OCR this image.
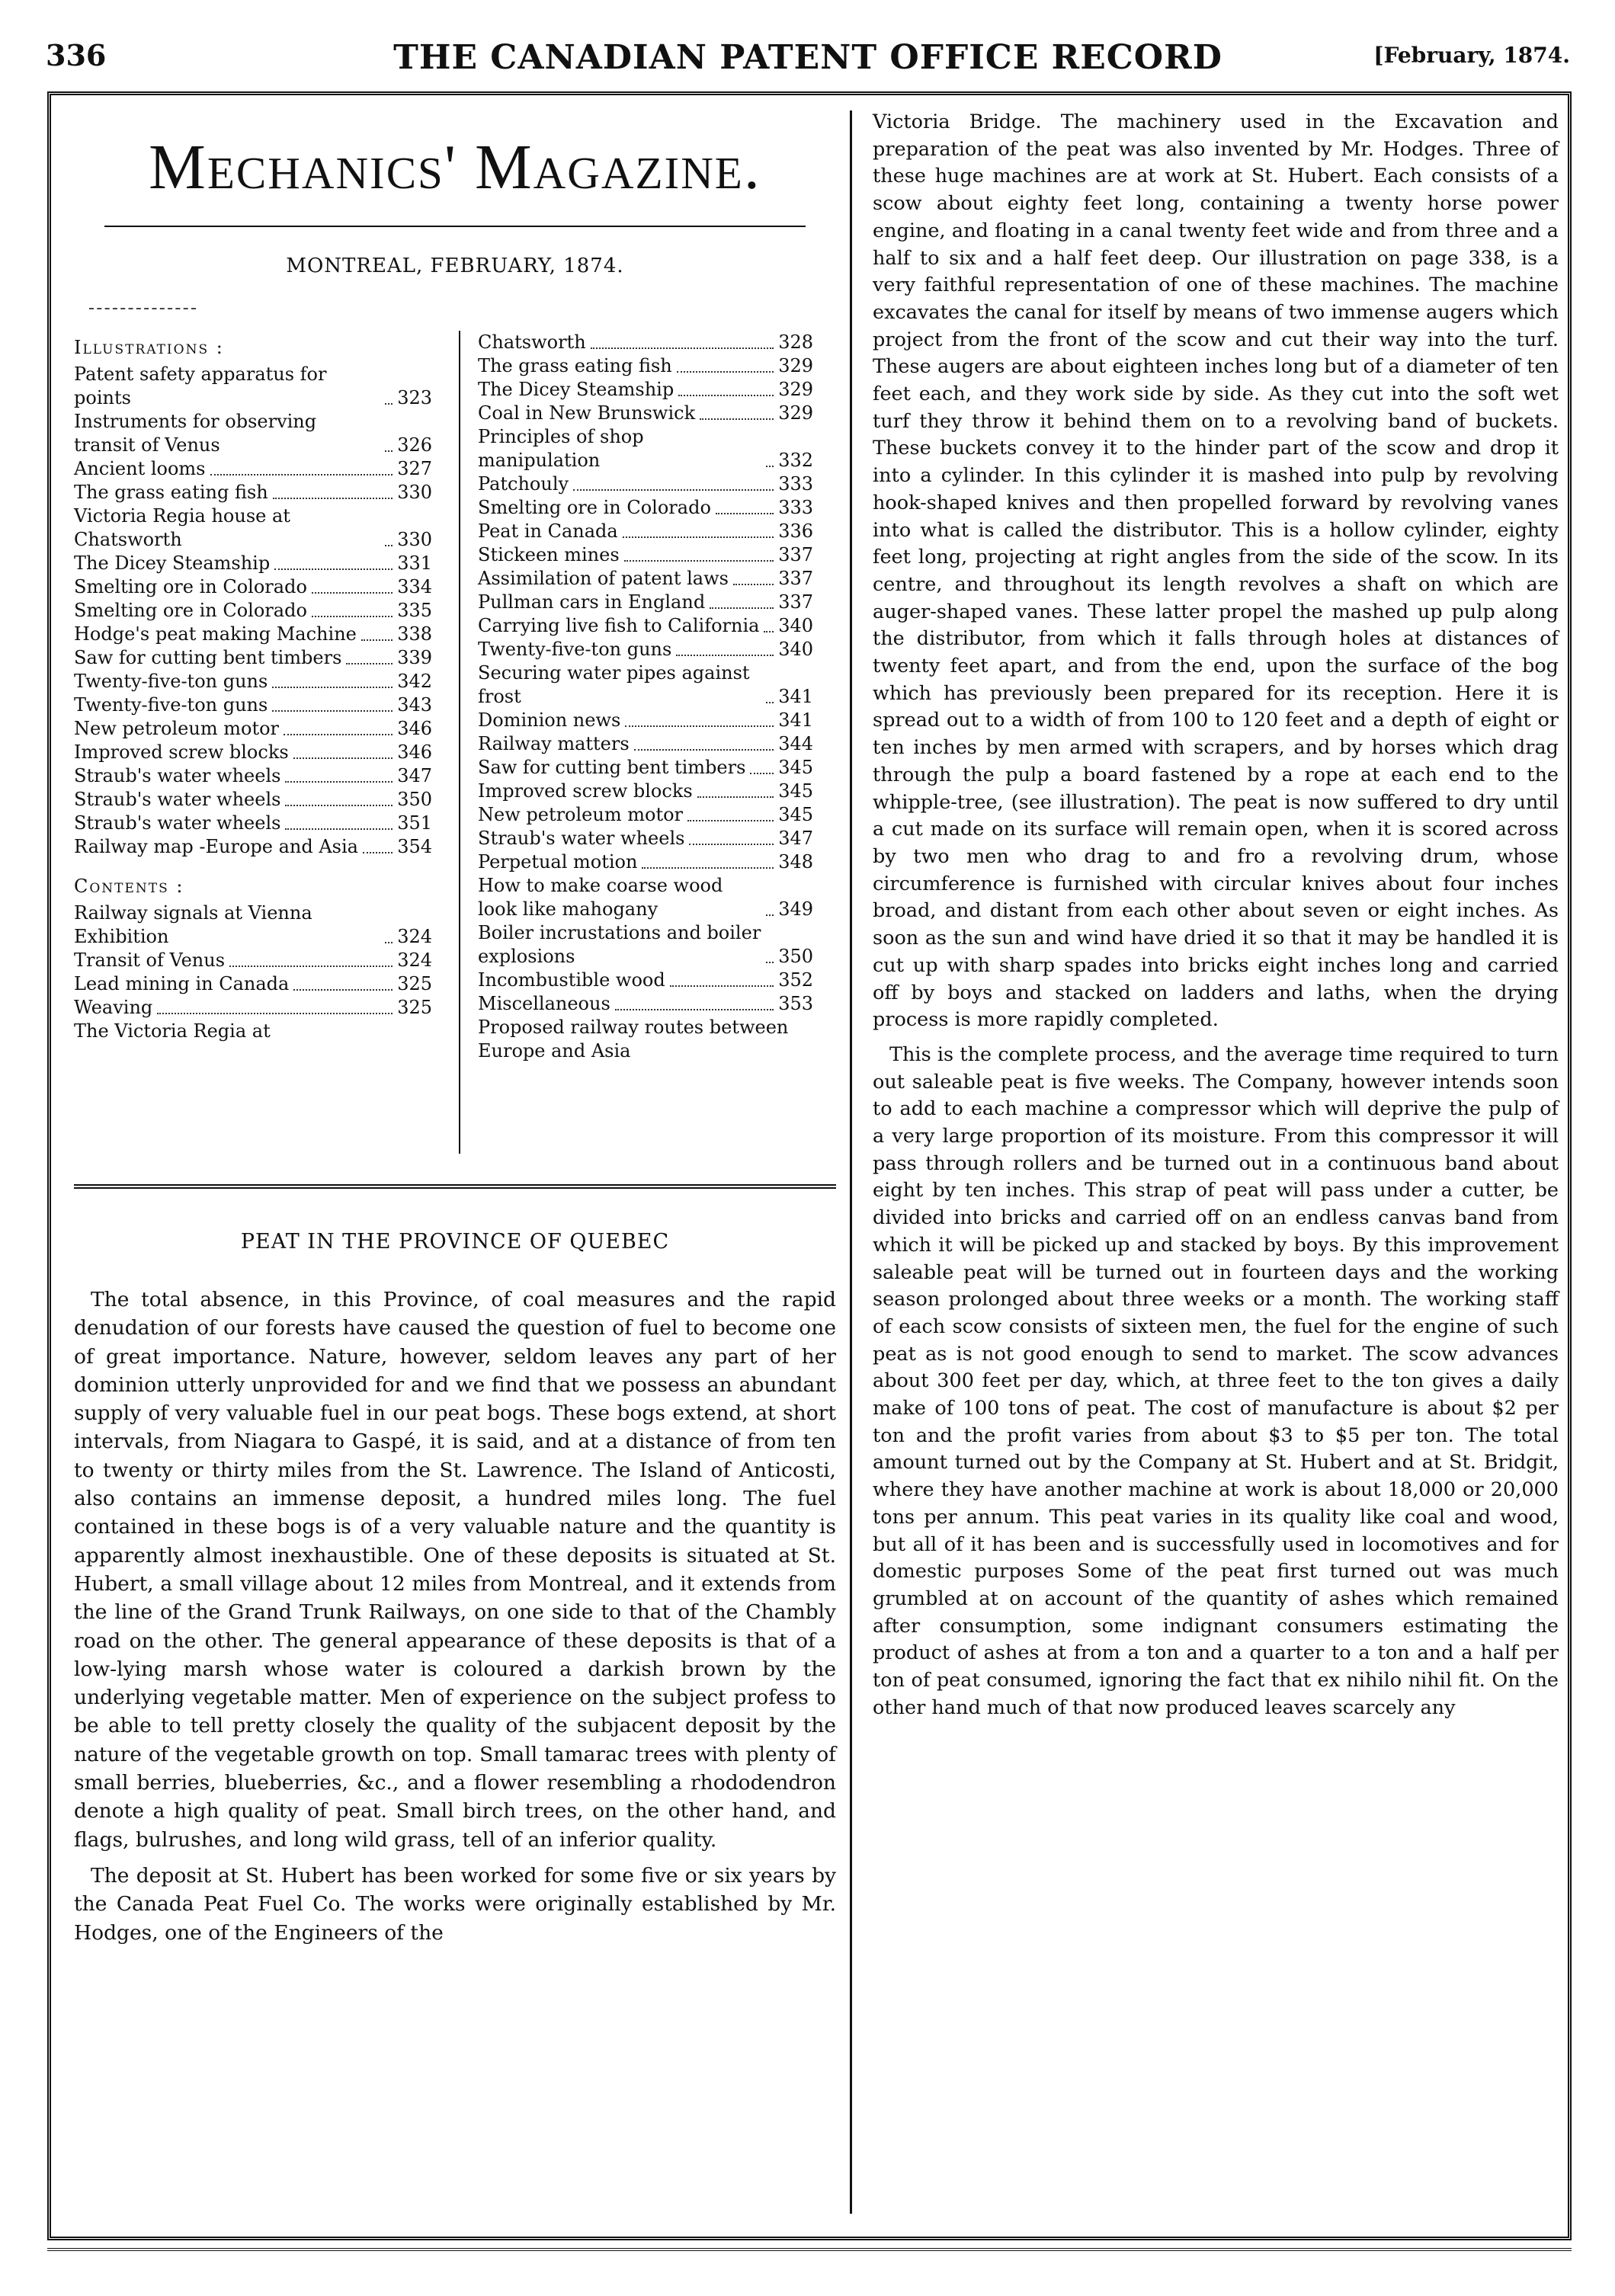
336	THE CANADIAN PATENT OFFICE RECORD	[February, 1874.
Mechanics' Magazine.
MONTREAL, FEBRUARY, 1874.
Illustrations :
Patent safety apparatus for points	323
Instruments for observing transit of Venus	326
Ancient looms	327
The grass eating fish	330
Victoria Regia house at Chatsworth	330
The Dicey Steamship	331
Smelting ore in Colorado	334
Smelting ore in Colorado	335
Hodge's peat making Machine 338
Saw for cutting bent timbers	339
Twenty-five-ton guns	342
Twenty-five-ton guns	343
New petroleum motor	346
Improved screw blocks	346
Straub's water wheels	347
Straub's water wheels	350
Straub's water wheels	351
Railway map -Europe and Asia 354
Contents :
Railway signals at Vienna Exhibition	324
Transit of Venus	324
Lead mining in Canada	325
Weaving	325
The Victoria Regia at
Chatsworth	328
The grass eating fish	329
The Dicey Steamship	329
Coal in New Brunswick	329
Principles of shop manipulation	332
Patchouly	333
Smelting ore in Colorado	333
Peat in Canada	336
Stickeen mines	337
Assimilation of patent laws	337
Pullman cars in England	337
Carrying live fish to California 340
Twenty-five-ton guns	340
Securing water pipes against frost	341
Dominion news	341
Railway matters	344
Saw for cutting bent timbers 345
Improved screw blocks	345
New petroleum motor	345
Straub's water wheels	347
Perpetual motion	348
How to make coarse wood look like mahogany	349
Boiler incrustations and boiler explosions	350
Incombustible wood	352
Miscellaneous	353
Proposed railway routes between Europe and Asia
PEAT IN THE PROVINCE OF QUEBEC

The total absence, in this Province, of coal measures and the rapid denudation of our forests have caused the question of fuel to become one of great importance. Nature, however, seldom leaves any part of her dominion utterly unprovided for and we find that we possess an abundant supply of very valuable fuel in our peat bogs. These bogs extend, at short intervals, from Niagara to Gaspé, it is said, and at a distance of from ten to twenty or thirty miles from the St. Lawrence. The Island of Anticosti, also contains an immense deposit, a hundred miles long. The fuel contained in these bogs is of a very valuable nature and the quantity is apparently almost inexhaustible. One of these deposits is situated at St. Hubert, a small village about 12 miles from Montreal, and it extends from the line of the Grand Trunk Railways, on one side to that of the Chambly road on the other. The general appearance of these deposits is that of a low-lying marsh whose water is coloured a darkish brown by the underlying vegetable matter. Men of experience on the subject profess to be able to tell pretty closely the quality of the subjacent deposit by the nature of the vegetable growth on top. Small tamarac trees with plenty of small berries, blueberries, &c., and a flower resembling a rhododendron denote a high quality of peat. Small birch trees, on the other hand, and flags, bulrushes, and long wild grass, tell of an inferior quality.

The deposit at St. Hubert has been worked for some five or six years by the Canada Peat Fuel Co. The works were originally established by Mr. Hodges, one of the Engineers of the

Victoria Bridge. The machinery used in the Excavation and preparation of the peat was also invented by Mr. Hodges. Three of these huge machines are at work at St. Hubert. Each consists of a scow about eighty feet long, containing a twenty horse power engine, and floating in a canal twenty feet wide and from three and a half to six and a half feet deep. Our illustration on page 338, is a very faithful representation of one of these machines. The machine excavates the canal for itself by means of two immense augers which project from the front of the scow and cut their way into the turf. These augers are about eighteen inches long but of a diameter of ten feet each, and they work side by side. As they cut into the soft wet turf they throw it behind them on to a revolving band of buckets. These buckets convey it to the hinder part of the scow and drop it into a cylinder. In this cylinder it is mashed into pulp by revolving hook-shaped knives and then propelled forward by revolving vanes into what is called the distributor. This is a hollow cylinder, eighty feet long, projecting at right angles from the side of the scow. In its centre, and throughout its length revolves a shaft on which are auger-shaped vanes. These latter propel the mashed up pulp along the distributor, from which it falls through holes at distances of twenty feet apart, and from the end, upon the surface of the bog which has previously been prepared for its reception. Here it is spread out to a width of from 100 to 120 feet and a depth of eight or ten inches by men armed with scrapers, and by horses which drag through the pulp a board fastened by a rope at each end to the whipple-tree, (see illustration). The peat is now suffered to dry until a cut made on its surface will remain open, when it is scored across by two men who drag to and fro a revolving drum, whose circumference is furnished with circular knives about four inches broad, and distant from each other about seven or eight inches. As soon as the sun and wind have dried it so that it may be handled it is cut up with sharp spades into bricks eight inches long and carried off by boys and stacked on ladders and laths, when the drying process is more rapidly completed.

This is the complete process, and the average time required to turn out saleable peat is five weeks. The Company, however intends soon to add to each machine a compressor which will deprive the pulp of a very large proportion of its moisture. From this compressor it will pass through rollers and be turned out in a continuous band about eight by ten inches. This strap of peat will pass under a cutter, be divided into bricks and carried off on an endless canvas band from which it will be picked up and stacked by boys. By this improvement saleable peat will be turned out in fourteen days and the working season prolonged about three weeks or a month. The working staff of each scow consists of sixteen men, the fuel for the engine of such peat as is not good enough to send to market. The scow advances about 300 feet per day, which, at three feet to the ton gives a daily make of 100 tons of peat. The cost of manufacture is about $2 per ton and the profit varies from about $3 to $5 per ton. The total amount turned out by the Company at St. Hubert and at St. Bridgit, where they have another machine at work is about 18,000 or 20,000 tons per annum. This peat varies in its quality like coal and wood, but all of it has been and is successfully used in locomotives and for domestic purposes Some of the peat first turned out was much grumbled at on account of the quantity of ashes which remained after consumption, some indignant consumers estimating the product of ashes at from a ton and a quarter to a ton and a half per ton of peat consumed, ignoring the fact that ex nihilo nihil fit. On the other hand much of that now produced leaves scarcely any
